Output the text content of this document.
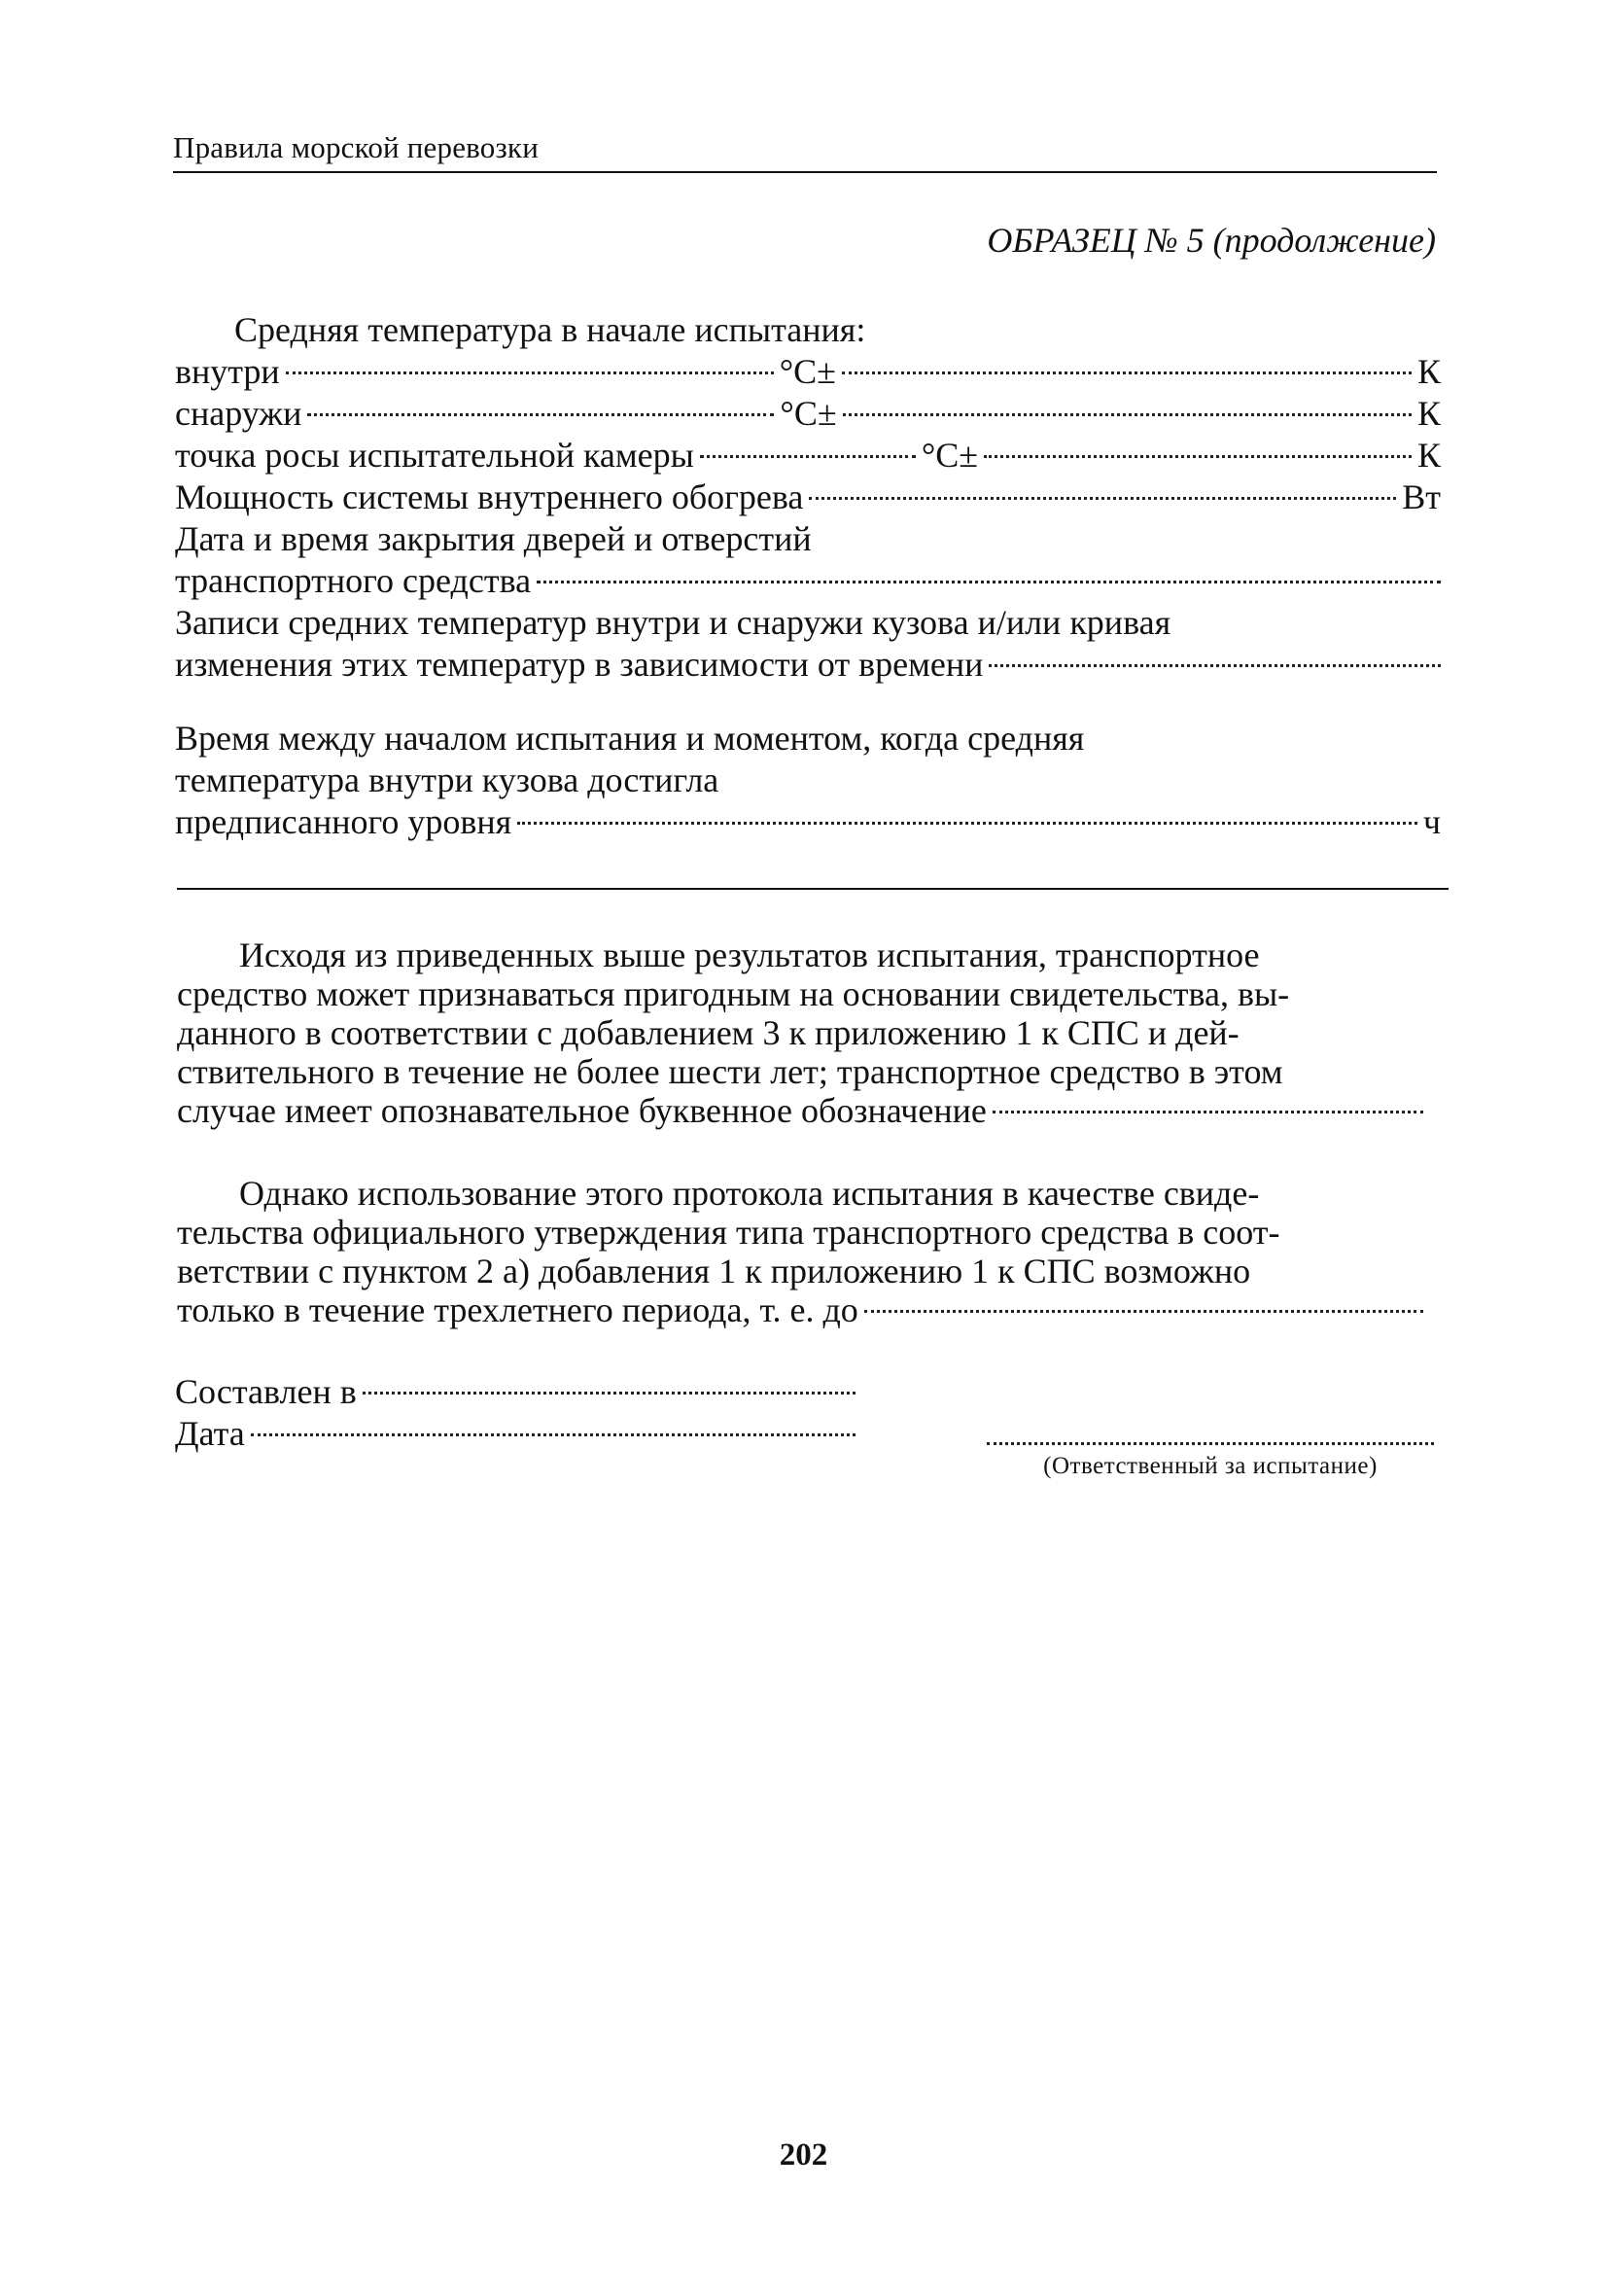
Правила морской перевозки
ОБРАЗЕЦ № 5 (продолжение)
Средняя температура в начале испытания:
внутри	°С±	К
снаружи	°С±	К
точка росы испытательной камеры	°С±	К
Мощность системы внутреннего обогрева	Вт
Дата и время закрытия дверей и отверстий
транспортного средства
Записи средних температур внутри и снаружи кузова и/или кривая
изменения этих температур в зависимости от времени
Время между началом испытания и моментом, когда средняя
температура внутри кузова достигла
предписанного уровня	ч
Исходя из приведенных выше результатов испытания, транспортное
средство может признаваться пригодным на основании свидетельства, вы-
данного в соответствии с добавлением 3 к приложению 1 к СПС и дей-
ствительного в течение не более шести лет; транспортное средство в этом
случае имеет опознавательное буквенное обозначение
Однако использование этого протокола испытания в качестве свиде-
тельства официального утверждения типа транспортного средства в соот-
ветствии с пунктом 2 а) добавления 1 к приложению 1 к СПС возможно
только в течение трехлетнего периода, т. е. до
Составлен в
Дата
(Ответственный за испытание)
202
